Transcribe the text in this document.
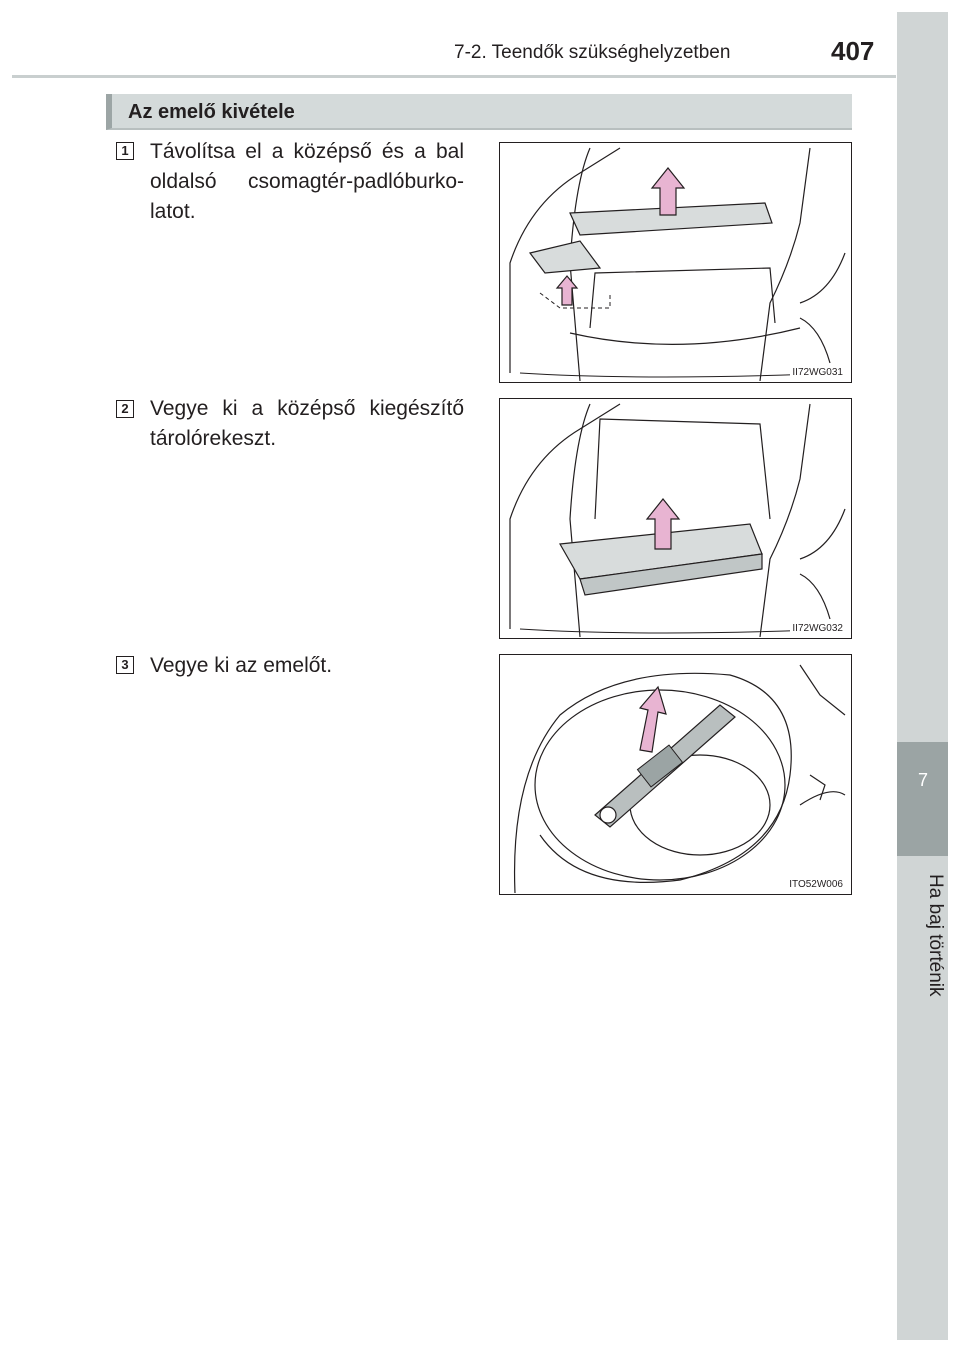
7-2. Teendők szükséghelyzetben	407
7
Ha baj történik
Az emelő kivétele
1 Távolítsa el a középső és a bal oldalsó csomagtér-padlóburko-latot.
II72WG031
2 Vegye ki a középső kiegészítő tárolórekeszt.
II72WG032
3 Vegye ki az emelőt.
ITO52W006
